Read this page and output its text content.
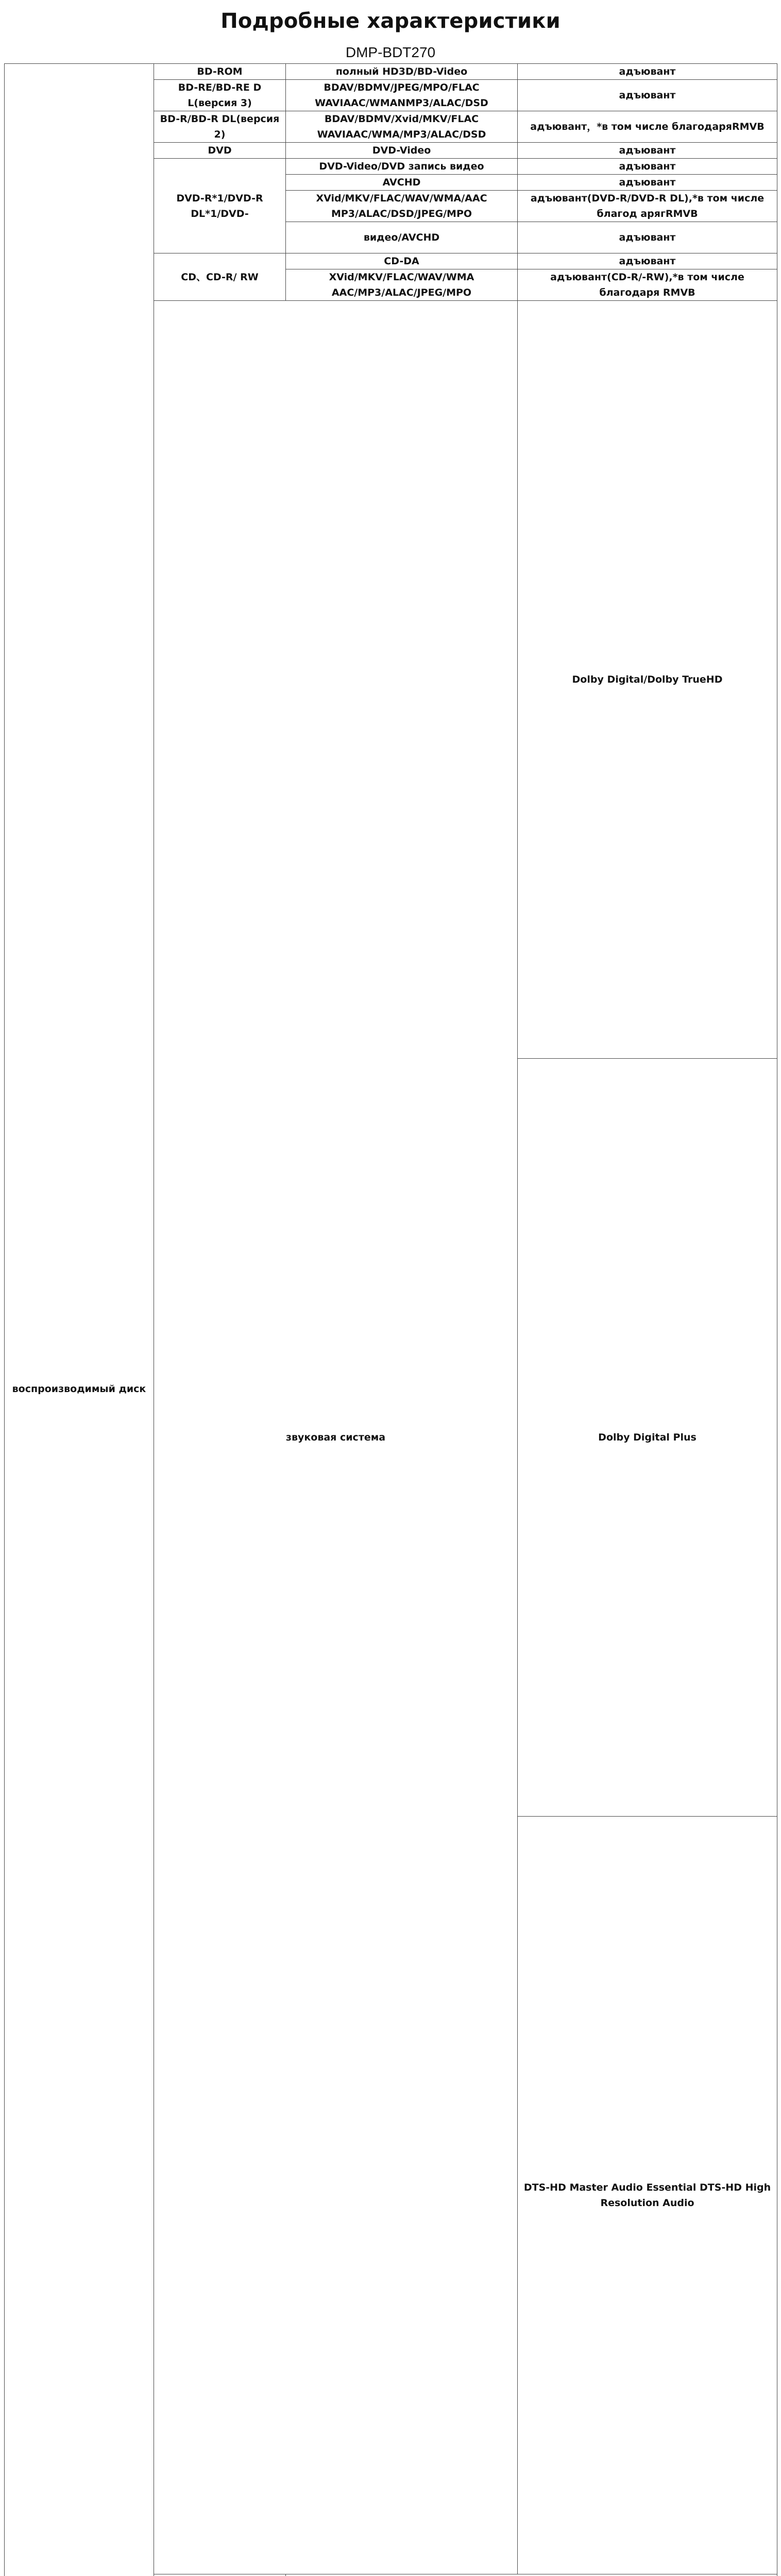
Подробные характеристики
DMP-BDT270
воспроизводимый диск	BD-ROM	полный HD3D/BD-Video	адъювант	
	BD-RE/BD-RE D L(версия 3)	BDAV/BDMV/JPEG/MPO/FLAC WAVIAAC/WMANMP3/ALAC/DSD	адъювант	
	BD-R/BD-R DL(версия 2)	BDAV/BDMV/Xvid/MKV/FLAC WAVIAAC/WMA/MP3/ALAC/DSD	адъювант，*в том числе благодаряRMVB	
	DVD	DVD-Video	адъювант	
	DVD-R*1/DVD-R DL*1/DVD-	DVD-Video/DVD запись видео	адъювант	
		AVCHD	адъювант	
		XVid/MKV/FLAC/WAV/WMA/AAC MP3/ALAC/DSD/JPEG/MPO	адъювант(DVD-R/DVD-R DL),*в том числе благод арягRMVB	
		видео/AVCHD	адъювант	
	CD、CD-R/ RW	CD-DA	адъювант	
		XVid/MKV/FLAC/WAV/WMA AAC/MP3/ALAC/JPEG/MPO	адъювант(CD-R/-RW),*в том числе благодаря RMVB	
	звуковая система		Dolby Digital/Dolby TrueHD	
			Dolby Digital Plus	
			DTS-HD Master Audio Essential DTS-HD High Resolution Audio	
